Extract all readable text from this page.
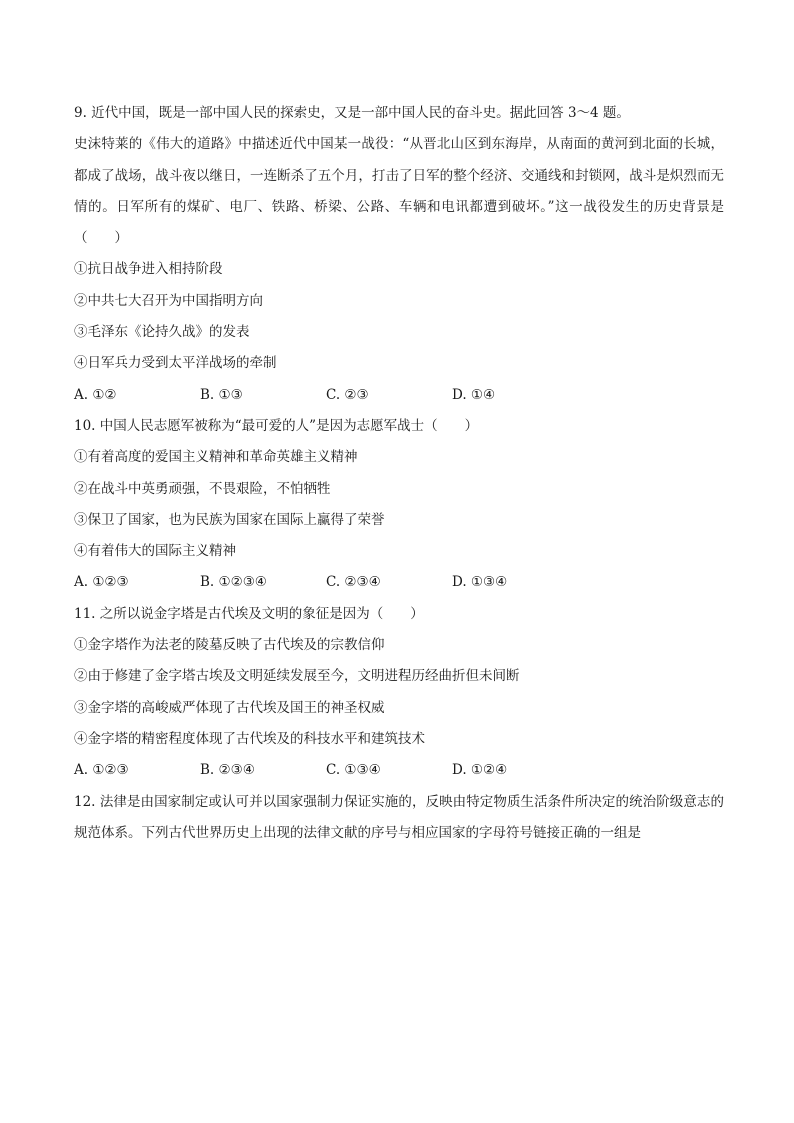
9. 近代中国，既是一部中国人民的探索史，又是一部中国人民的奋斗史。据此回答 3～4 题。
史沫特莱的《伟大的道路》中描述近代中国某一战役：“从晋北山区到东海岸，从南面的黄河到北面的长城，都成了战场，战斗夜以继日，一连断杀了五个月，打击了日军的整个经济、交通线和封锁网，战斗是炽烈而无情的。日军所有的煤矿、电厂、铁路、桥梁、公路、车辆和电讯都遭到破坏。”这一战役发生的历史背景是（　　）
①抗日战争进入相持阶段
②中共七大召开为中国指明方向
③毛泽东《论持久战》的发表
④日军兵力受到太平洋战场的牵制
A. ①②	B. ①③	C. ②③	D. ①④
10. 中国人民志愿军被称为“最可爱的人”是因为志愿军战士（　　）
①有着高度的爱国主义精神和革命英雄主义精神
②在战斗中英勇顽强，不畏艰险，不怕牺牲
③保卫了国家，也为民族为国家在国际上赢得了荣誉
④有着伟大的国际主义精神
A. ①②③	B. ①②③④	C. ②③④	D. ①③④
11. 之所以说金字塔是古代埃及文明的象征是因为（　　）
①金字塔作为法老的陵墓反映了古代埃及的宗教信仰
②由于修建了金字塔古埃及文明延续发展至今，文明进程历经曲折但未间断
③金字塔的高峻威严体现了古代埃及国王的神圣权威
④金字塔的精密程度体现了古代埃及的科技水平和建筑技术
A. ①②③	B. ②③④	C. ①③④	D. ①②④
12. 法律是由国家制定或认可并以国家强制力保证实施的，反映由特定物质生活条件所决定的统治阶级意志的规范体系。下列古代世界历史上出现的法律文献的序号与相应国家的字母符号链接正确的一组是
